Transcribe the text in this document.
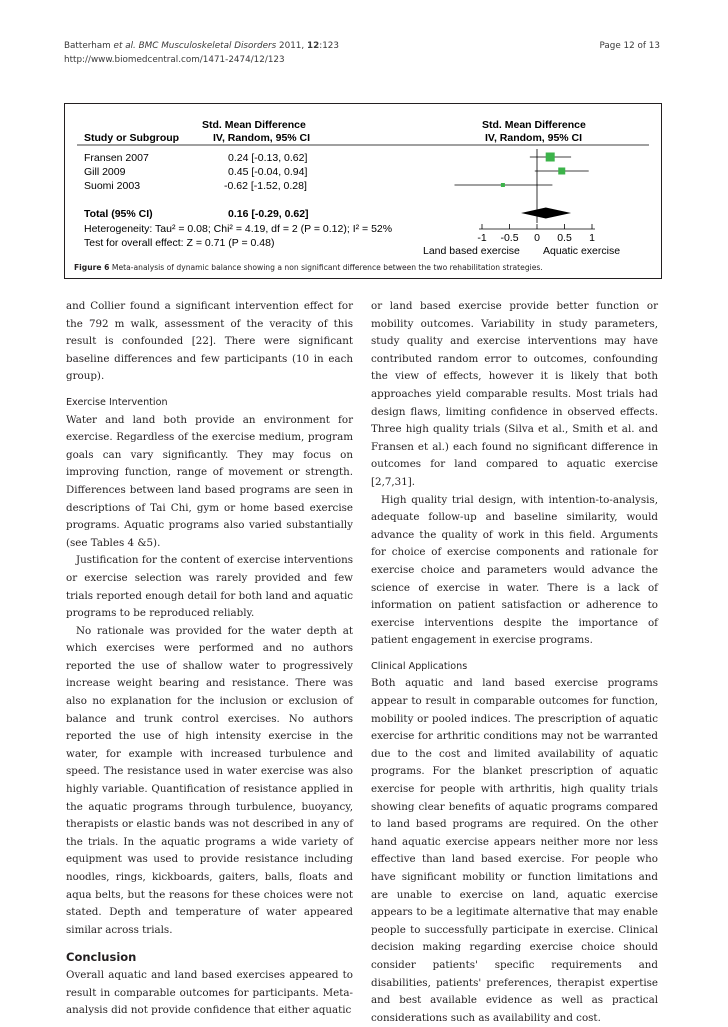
Batterham et al. BMC Musculoskeletal Disorders 2011, 12:123	Page 12 of 13
http://www.biomedcentral.com/1471-2474/12/123
Std. Mean Difference
IV, Random, 95% CI
Study or Subgroup
Std. Mean Difference
IV, Random, 95% CI
Fransen 2007	0.24 [-0.13, 0.62]
Gill 2009	0.45 [-0.04, 0.94]
Suomi 2003	-0.62 [-1.52, 0.28]
Total (95% CI)	0.16 [-0.29, 0.62]
Heterogeneity: Tau² = 0.08; Chi² = 4.19, df = 2 (P = 0.12); I² = 52%
Test for overall effect: Z = 0.71 (P = 0.48)	-1 -0.5 0 0.5 1
Land based exercise Aquatic exercise
Figure 6 Meta-analysis of dynamic balance showing a non significant difference between the two rehabilitation strategies.

and Collier found a significant intervention effect for the 792 m walk, assessment of the veracity of this result is confounded [22]. There were significant baseline differences and few participants (10 in each group).

Exercise Intervention

Water and land both provide an environment for exercise. Regardless of the exercise medium, program goals can vary significantly. They may focus on improving function, range of movement or strength. Differences between land based programs are seen in descriptions of Tai Chi, gym or home based exercise programs. Aquatic programs also varied substantially (see Tables 4 &5).

Justification for the content of exercise interventions or exercise selection was rarely provided and few trials reported enough detail for both land and aquatic programs to be reproduced reliably.

No rationale was provided for the water depth at which exercises were performed and no authors reported the use of shallow water to progressively increase weight bearing and resistance. There was also no explanation for the inclusion or exclusion of balance and trunk control exercises. No authors reported the use of high intensity exercise in the water, for example with increased turbulence and speed. The resistance used in water exercise was also highly variable. Quantification of resistance applied in the aquatic programs through turbulence, buoyancy, therapists or elastic bands was not described in any of the trials. In the aquatic programs a wide variety of equipment was used to provide resistance including noodles, rings, kickboards, gaiters, balls, floats and aqua belts, but the reasons for these choices were not stated. Depth and temperature of water appeared similar across trials.

Conclusion

Overall aquatic and land based exercises appeared to result in comparable outcomes for participants. Meta-analysis did not provide confidence that either aquatic

or land based exercise provide better function or mobility outcomes. Variability in study parameters, study quality and exercise interventions may have contributed random error to outcomes, confounding the view of effects, however it is likely that both approaches yield comparable results. Most trials had design flaws, limiting confidence in observed effects. Three high quality trials (Silva et al., Smith et al. and Fransen et al.) each found no significant difference in outcomes for land compared to aquatic exercise [2,7,31].

High quality trial design, with intention-to-analysis, adequate follow-up and baseline similarity, would advance the quality of work in this field. Arguments for choice of exercise components and rationale for exercise choice and parameters would advance the science of exercise in water. There is a lack of information on patient satisfaction or adherence to exercise interventions despite the importance of patient engagement in exercise programs.

Clinical Applications

Both aquatic and land based exercise programs appear to result in comparable outcomes for function, mobility or pooled indices. The prescription of aquatic exercise for arthritic conditions may not be warranted due to the cost and limited availability of aquatic programs. For the blanket prescription of aquatic exercise for people with arthritis, high quality trials showing clear benefits of aquatic programs compared to land based programs are required. On the other hand aquatic exercise appears neither more nor less effective than land based exercise. For people who have significant mobility or function limitations and are unable to exercise on land, aquatic exercise appears to be a legitimate alternative that may enable people to successfully participate in exercise. Clinical decision making regarding exercise choice should consider patients' specific requirements and disabilities, patients' preferences, therapist expertise and best available evidence as well as practical considerations such as availability and cost.
